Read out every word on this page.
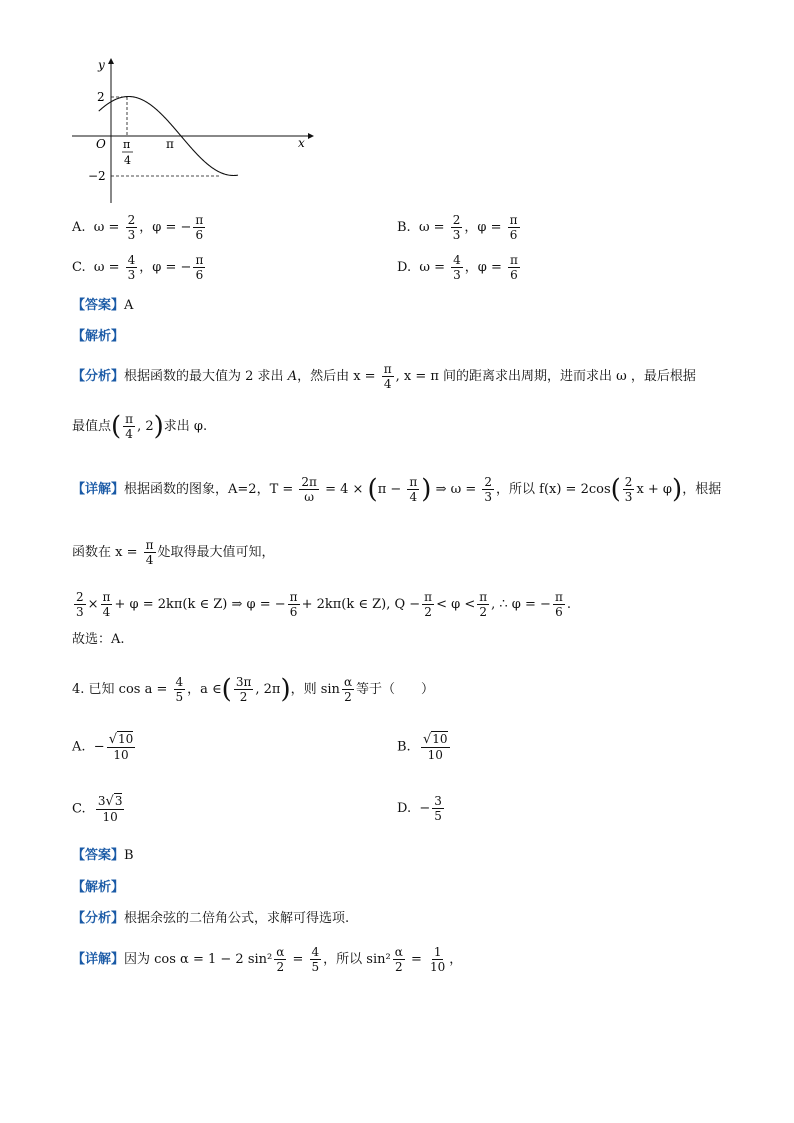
y
x
O
2
−2
π
4
π
A. $\omega = \frac{2}{3}$ ，φ = − $\frac{\pi}{6}$	B. $\omega = \frac{2}{3}$ ，$\varphi = \frac{\pi}{6}$
C. $\omega = \frac{4}{3}$ ，φ = − $\frac{\pi}{6}$	D. $\omega = \frac{4}{3}$ ，$\varphi = \frac{\pi}{6}$
【答案】A
【解析】
【分析】根据函数的最大值为 2 求出 A，然后由 $x = \frac{\pi}{4}$ , x = π 间的距离求出周期，进而求出 ω ，最后根据
最值点( $\frac{\pi}{4}$ , 2)求出 φ.
【详解】根据函数的图象，A=2，$T = \frac{2\pi}{\omega} = 4 \times (\pi - \frac{\pi}{4}$ ) ⇒ $\omega = \frac{2}{3}$ ，所以 $f(x) = 2\cos( \frac{2}{3}$ x + φ)，根据
函数在 $x = \frac{\pi}{4}$ 处取得最大值可知，
$\frac{2}{3} \times \frac{\pi}{4} + \varphi = 2k\pi(k$ ∈ Z) ⇒ φ = − $\frac{\pi}{6} + 2k\pi(k$ ∈ Z), $Q - \frac{\pi}{2} < \varphi < \frac{\pi}{2}$ , ∴ φ = − $\frac{\pi}{6}$ .
故选：A.
4. 已知 $\cos a = \frac{4}{5}$ ，a ∈( $\frac{3\pi}{2}$ , 2π)，则 $\sin \frac{\alpha}{2}$ 等于（　　）
A. − $\frac{√10}{10}$	B. $\frac{√10}{10}$
C. $\frac{3√3}{10}$	D. − $\frac{3}{5}$
【答案】B
【解析】
【分析】根据余弦的二倍角公式，求解可得选项.
【详解】因为 cos α = 1 − 2 $\sin^2 \frac{\alpha}{2} = \frac{4}{5}$ ，所以 $\sin^2 \frac{\alpha}{2} = \frac{1}{10}$ ，
